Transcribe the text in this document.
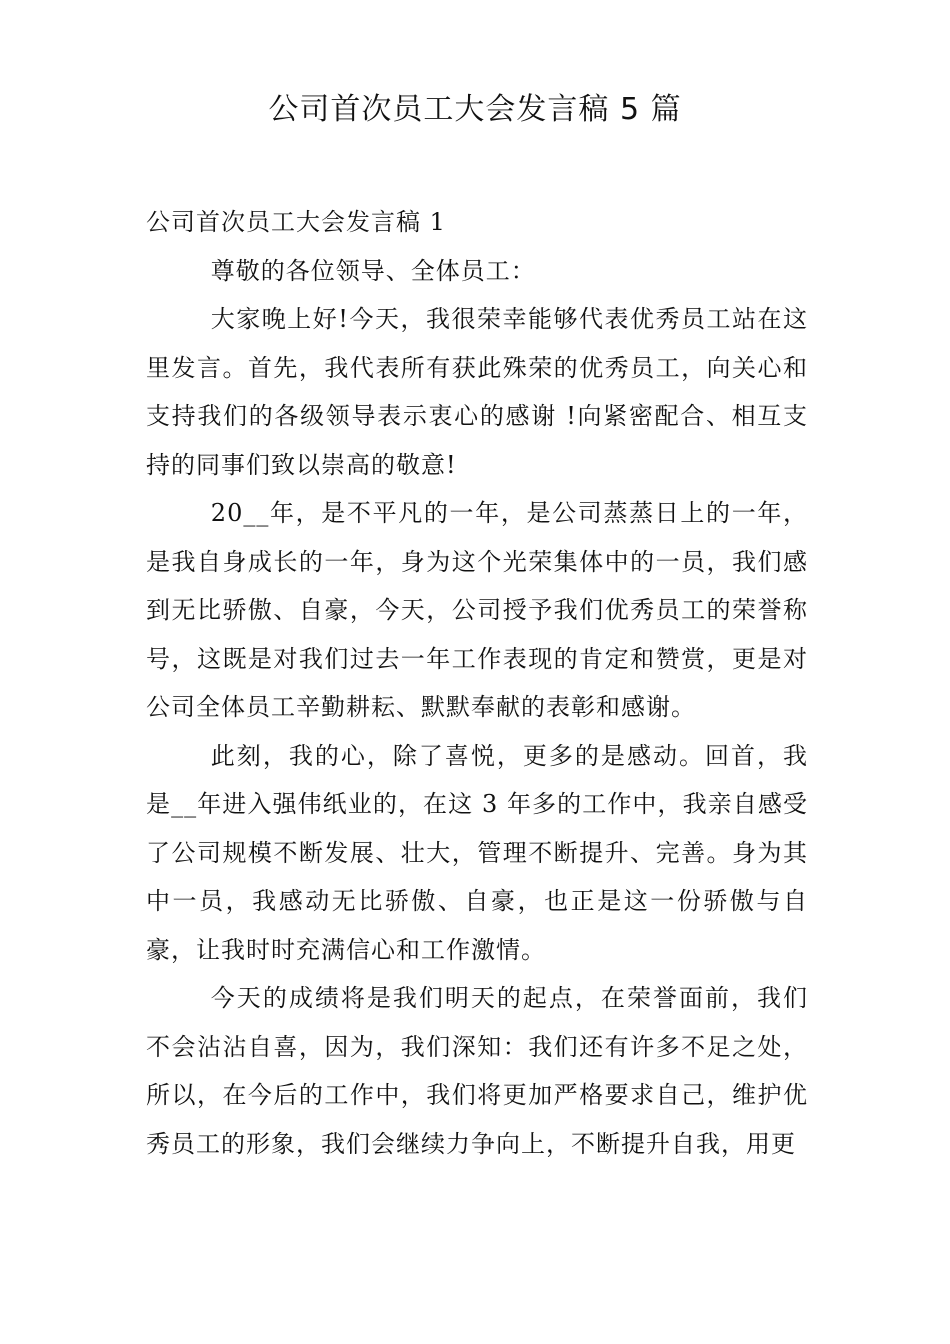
公司首次员工大会发言稿 5 篇
公司首次员工大会发言稿 1

尊敬的各位领导、全体员工：

大家晚上好!今天，我很荣幸能够代表优秀员工站在这里发言。首先，我代表所有获此殊荣的优秀员工，向关心和支持我们的各级领导表示衷心的感谢 !向紧密配合、相互支持的同事们致以崇高的敬意!

20__年，是不平凡的一年，是公司蒸蒸日上的一年，是我自身成长的一年，身为这个光荣集体中的一员，我们感到无比骄傲、自豪，今天，公司授予我们优秀员工的荣誉称号，这既是对我们过去一年工作表现的肯定和赞赏，更是对公司全体员工辛勤耕耘、默默奉献的表彰和感谢。

此刻，我的心，除了喜悦，更多的是感动。回首，我是__年进入强伟纸业的，在这 3 年多的工作中，我亲自感受了公司规模不断发展、壮大，管理不断提升、完善。身为其中一员，我感动无比骄傲、自豪，也正是这一份骄傲与自豪，让我时时充满信心和工作激情。

今天的成绩将是我们明天的起点，在荣誉面前，我们不会沾沾自喜，因为，我们深知：我们还有许多不足之处，所以，在今后的工作中，我们将更加严格要求自己，维护优秀员工的形象，我们会继续力争向上，不断提升自我，用更
